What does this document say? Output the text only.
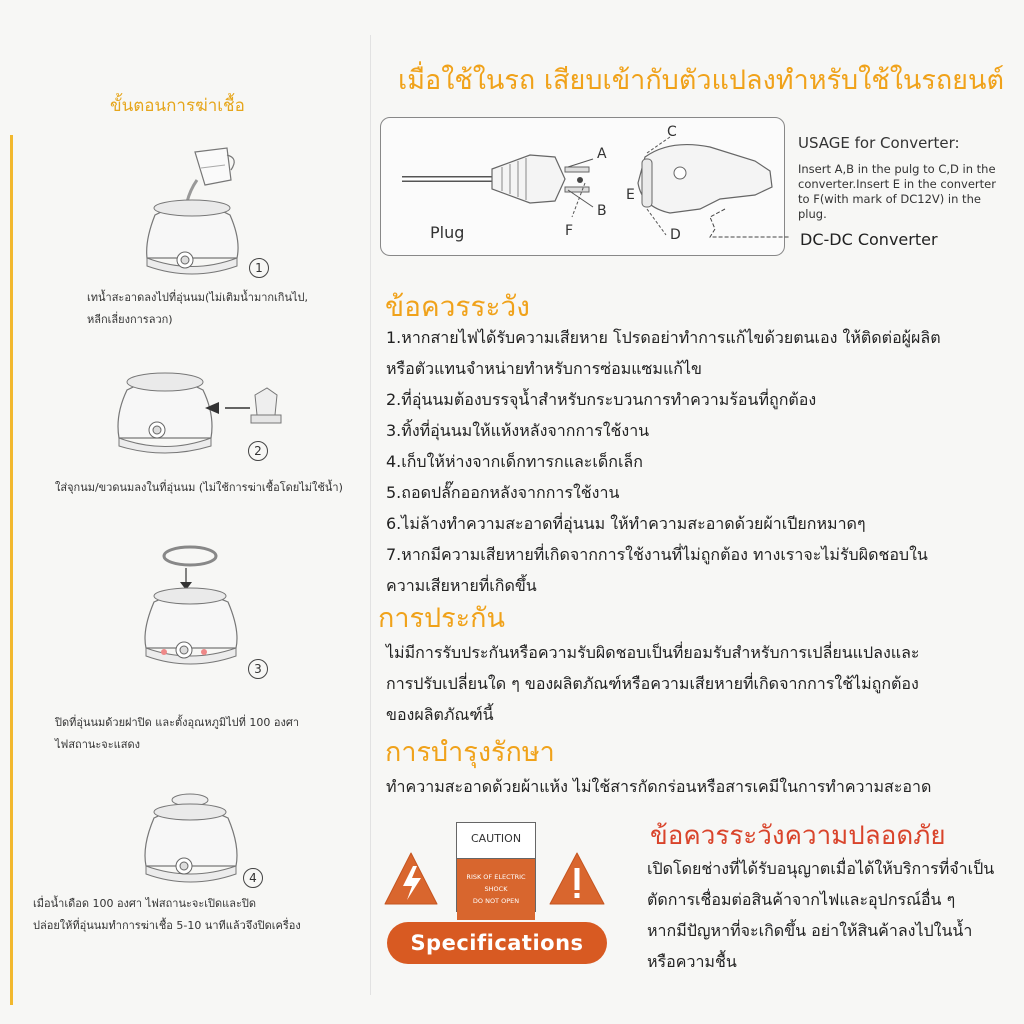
ขั้นตอนการฆ่าเชื้อ
1
เทน้ำสะอาดลงไปที่อุ่นนม(ไม่เติมน้ำมากเกินไป,
หลีกเลี่ยงการลวก)
2
ใส่จุกนม/ขวดนมลงในที่อุ่นนม (ไม่ใช้การฆ่าเชื้อโดยไม่ใช้น้ำ)
3
ปิดที่อุ่นนมด้วยฝาปิด และตั้งอุณหภูมิไปที่ 100 องศา
ไฟสถานะจะแสดง
4
เมื่อน้ำเดือด 100 องศา ไฟสถานะจะเปิดและปิด
ปล่อยให้ที่อุ่นนมทำการฆ่าเชื้อ 5-10 นาทีแล้วจึงปิดเครื่อง
เมื่อใช้ในรถ เสียบเข้ากับตัวแปลงทำหรับใช้ในรถยนต์
A
B
C
D
E
F
Plug	DC-DC Converter
USAGE for Converter:
Insert A,B in the pulg to C,D in the converter.Insert E in the converter to F(with mark of DC12V) in the plug.
ข้อควรระวัง
1.หากสายไฟได้รับความเสียหาย โปรดอย่าทำการแก้ไขด้วยตนเอง ให้ติดต่อผู้ผลิต
หรือตัวแทนจำหน่ายทำหรับการซ่อมแซมแก้ไข
2.ที่อุ่นนมต้องบรรจุน้ำสำหรับกระบวนการทำความร้อนที่ถูกต้อง
3.ทิ้งที่อุ่นนมให้แห้งหลังจากการใช้งาน
4.เก็บให้ห่างจากเด็กทารกและเด็กเล็ก
5.ถอดปลั๊กออกหลังจากการใช้งาน
6.ไม่ล้างทำความสะอาดที่อุ่นนม ให้ทำความสะอาดด้วยผ้าเปียกหมาดๆ
7.หากมีความเสียหายที่เกิดจากการใช้งานที่ไม่ถูกต้อง ทางเราจะไม่รับผิดชอบใน
ความเสียหายที่เกิดขึ้น
การประกัน
ไม่มีการรับประกันหรือความรับผิดชอบเป็นที่ยอมรับสำหรับการเปลี่ยนแปลงและ
การปรับเปลี่ยนใด ๆ ของผลิตภัณฑ์หรือความเสียหายที่เกิดจากการใช้ไม่ถูกต้อง
ของผลิตภัณฑ์นี้
การบำรุงรักษา
ทำความสะอาดด้วยผ้าแห้ง ไม่ใช้สารกัดกร่อนหรือสารเคมีในการทำความสะอาด
ข้อควรระวังความปลอดภัย
เปิดโดยช่างที่ได้รับอนุญาตเมื่อได้ให้บริการที่จำเป็น
ตัดการเชื่อมต่อสินค้าจากไฟและอุปกรณ์อื่น ๆ
หากมีปัญหาที่จะเกิดขึ้น อย่าให้สินค้าลงไปในน้ำ
หรือความชื้น
CAUTION
RISK OF ELECTRIC SHOCK
DO NOT OPEN
Specifications
